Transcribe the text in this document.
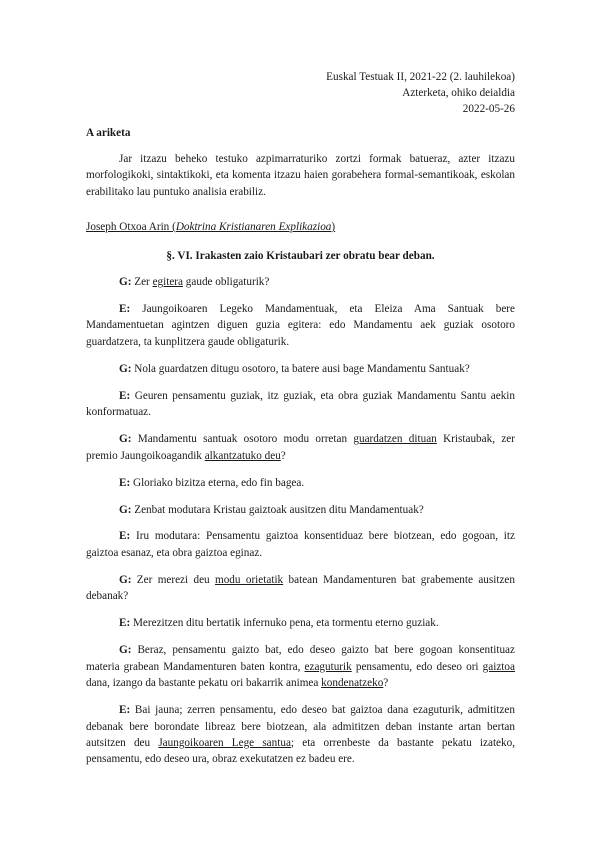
Euskal Testuak II, 2021-22 (2. lauhilekoa)
Azterketa, ohiko deialdia
2022-05-26
A ariketa

Jar itzazu beheko testuko azpimarraturiko zortzi formak batueraz, azter itzazu morfologikoki, sintaktikoki, eta komenta itzazu haien gorabehera formal-semantikoak, eskolan erabilitako lau puntuko analisia erabiliz.

Joseph Otxoa Arin (Doktrina Kristianaren Explikazioa)
§. VI. Irakasten zaio Kristaubari zer obratu bear deban.

G: Zer egitera gaude obligaturik?

E: Jaungoikoaren Legeko Mandamentuak, eta Eleiza Ama Santuak bere Mandamentuetan agintzen diguen guzia egitera: edo Mandamentu aek guziak osotoro guardatzera, ta kunplitzera gaude obligaturik.

G: Nola guardatzen ditugu osotoro, ta batere ausi bage Mandamentu Santuak?

E: Geuren pensamentu guziak, itz guziak, eta obra guziak Mandamentu Santu aekin konformatuaz.

G: Mandamentu santuak osotoro modu orretan guardatzen dituan Kristaubak, zer premio Jaungoikoagandik alkantzatuko deu?

E: Gloriako bizitza eterna, edo fin bagea.

G: Zenbat modutara Kristau gaiztoak ausitzen ditu Mandamentuak?

E: Iru modutara: Pensamentu gaiztoa konsentiduaz bere biotzean, edo gogoan, itz gaiztoa esanaz, eta obra gaiztoa eginaz.

G: Zer merezi deu modu orietatik batean Mandamenturen bat grabemente ausitzen debanak?

E: Merezitzen ditu bertatik infernuko pena, eta tormentu eterno guziak.

G: Beraz, pensamentu gaizto bat, edo deseo gaizto bat bere gogoan konsentituaz materia grabean Mandamenturen baten kontra, ezaguturik pensamentu, edo deseo ori gaiztoa dana, izango da bastante pekatu ori bakarrik animea kondenatzeko?

E: Bai jauna; zerren pensamentu, edo deseo bat gaiztoa dana ezaguturik, admititzen debanak bere borondate libreaz bere biotzean, ala admititzen deban instante artan bertan autsitzen deu Jaungoikoaren Lege santua; eta orrenbeste da bastante pekatu izateko, pensamentu, edo deseo ura, obraz exekutatzen ez badeu ere.
